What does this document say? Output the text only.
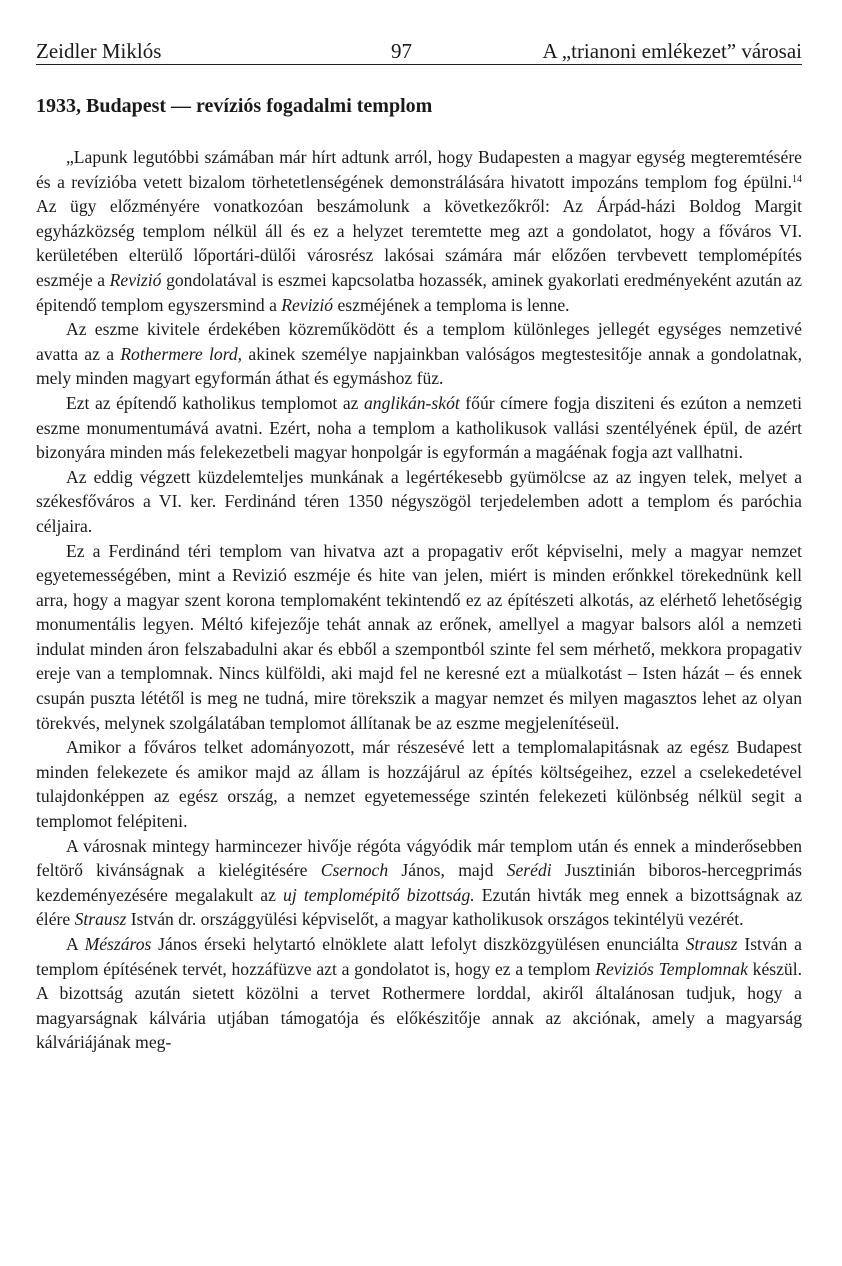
Zeidler Miklós	97	A „trianoni emlékezet” városai
1933, Budapest — revíziós fogadalmi templom

„Lapunk legutóbbi számában már hírt adtunk arról, hogy Budapesten a magyar egység megteremtésére és a revízióba vetett bizalom törhetetlenségének demonstrálására hivatott impozáns templom fog épülni.$^{14}$ Az ügy előzményére vonatkozóan beszámolunk a következőkről: Az Árpád-házi Boldog Margit egyházközség templom nélkül áll és ez a helyzet teremtette meg azt a gondolatot, hogy a főváros VI. kerületében elterülő lőportári-dülői városrész lakósai számára már előzően tervbevett templomépítés eszméje a Revizió gondolatával is eszmei kapcsolatba hozassék, aminek gyakorlati eredményeként azután az épitendő templom egyszersmind a Revizió eszméjének a temploma is lenne.

Az eszme kivitele érdekében közreműködött és a templom különleges jellegét egységes nemzetivé avatta az a Rothermere lord, akinek személye napjainkban valóságos megtestesitője annak a gondolatnak, mely minden magyart egyformán áthat és egymáshoz füz.

Ezt az építendő katholikus templomot az anglikán-skót főúr címere fogja disziteni és ezúton a nemzeti eszme monumentumává avatni. Ezért, noha a templom a katholikusok vallási szentélyének épül, de azért bizonyára minden más felekezetbeli magyar honpolgár is egyformán a magáénak fogja azt vallhatni.

Az eddig végzett küzdelemteljes munkának a legértékesebb gyümölcse az az ingyen telek, melyet a székesfőváros a VI. ker. Ferdinánd téren 1350 négyszögöl terjedelemben adott a templom és paróchia céljaira.

Ez a Ferdinánd téri templom van hivatva azt a propagativ erőt képviselni, mely a magyar nemzet egyetemességében, mint a Revizió eszméje és hite van jelen, miért is minden erőnkkel törekednünk kell arra, hogy a magyar szent korona templomaként tekintendő ez az építészeti alkotás, az elérhető lehetőségig monumentális legyen. Méltó kifejezője tehát annak az erőnek, amellyel a magyar balsors alól a nemzeti indulat minden áron felszabadulni akar és ebből a szempontból szinte fel sem mérhető, mekkora propagativ ereje van a templomnak. Nincs külföldi, aki majd fel ne keresné ezt a müalkotást – Isten házát – és ennek csupán puszta lététől is meg ne tudná, mire törekszik a magyar nemzet és milyen magasztos lehet az olyan törekvés, melynek szolgálatában templomot állítanak be az eszme megjelenítéseül.

Amikor a főváros telket adományozott, már részesévé lett a templomalapitásnak az egész Budapest minden felekezete és amikor majd az állam is hozzájárul az építés költségeihez, ezzel a cselekedetével tulajdonképpen az egész ország, a nemzet egyetemessége szintén felekezeti különbség nélkül segit a templomot felépiteni.

A városnak mintegy harmincezer hivője régóta vágyódik már templom után és ennek a minderősebben feltörő kivánságnak a kielégitésére Csernoch János, majd Serédi Jusztinián biboros-hercegprimás kezdeményezésére megalakult az uj templomépitő bizottság. Ezután hivták meg ennek a bizottságnak az élére Strausz István dr. országgyülési képviselőt, a magyar katholikusok országos tekintélyü vezérét.

A Mészáros János érseki helytartó elnöklete alatt lefolyt diszközgyülésen enunciálta Strausz István a templom építésének tervét, hozzáfüzve azt a gondolatot is, hogy ez a templom Reviziós Templomnak készül. A bizottság azután sietett közölni a tervet Rothermere lorddal, akiről általánosan tudjuk, hogy a magyarságnak kálvária utjában támogatója és előkészitője annak az akciónak, amely a magyarság kálváriájának meg-
